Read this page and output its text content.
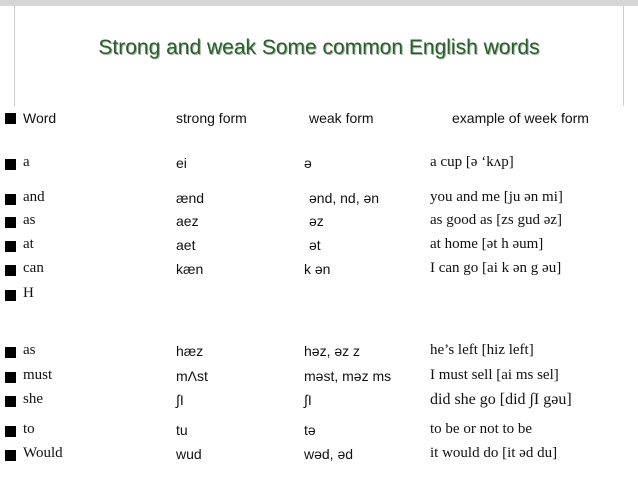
Strong and weak Some common English words
Word	strong form	weak form	example of week form
a	ei	ə	a cup [ə ‘kʌp]
and	ænd	ənd, nd, ən	you and me [ju ən mi]
as	aez	əz	as good as [zs gud əz]
at	aet	ət	at home [ət h əum]
can	kæn	k ən	I can go [ai k ən g əu]
H
as	hæz	həz, əz z	he’s left [hiz left]
must	mΛst	məst, məz ms	I must sell [ai ms sel]
she	∫I	∫I	did she go [did ∫I gəu]
to	tu	tə	to be or not to be
Would	wud	wəd, əd	it would do [it əd du]
